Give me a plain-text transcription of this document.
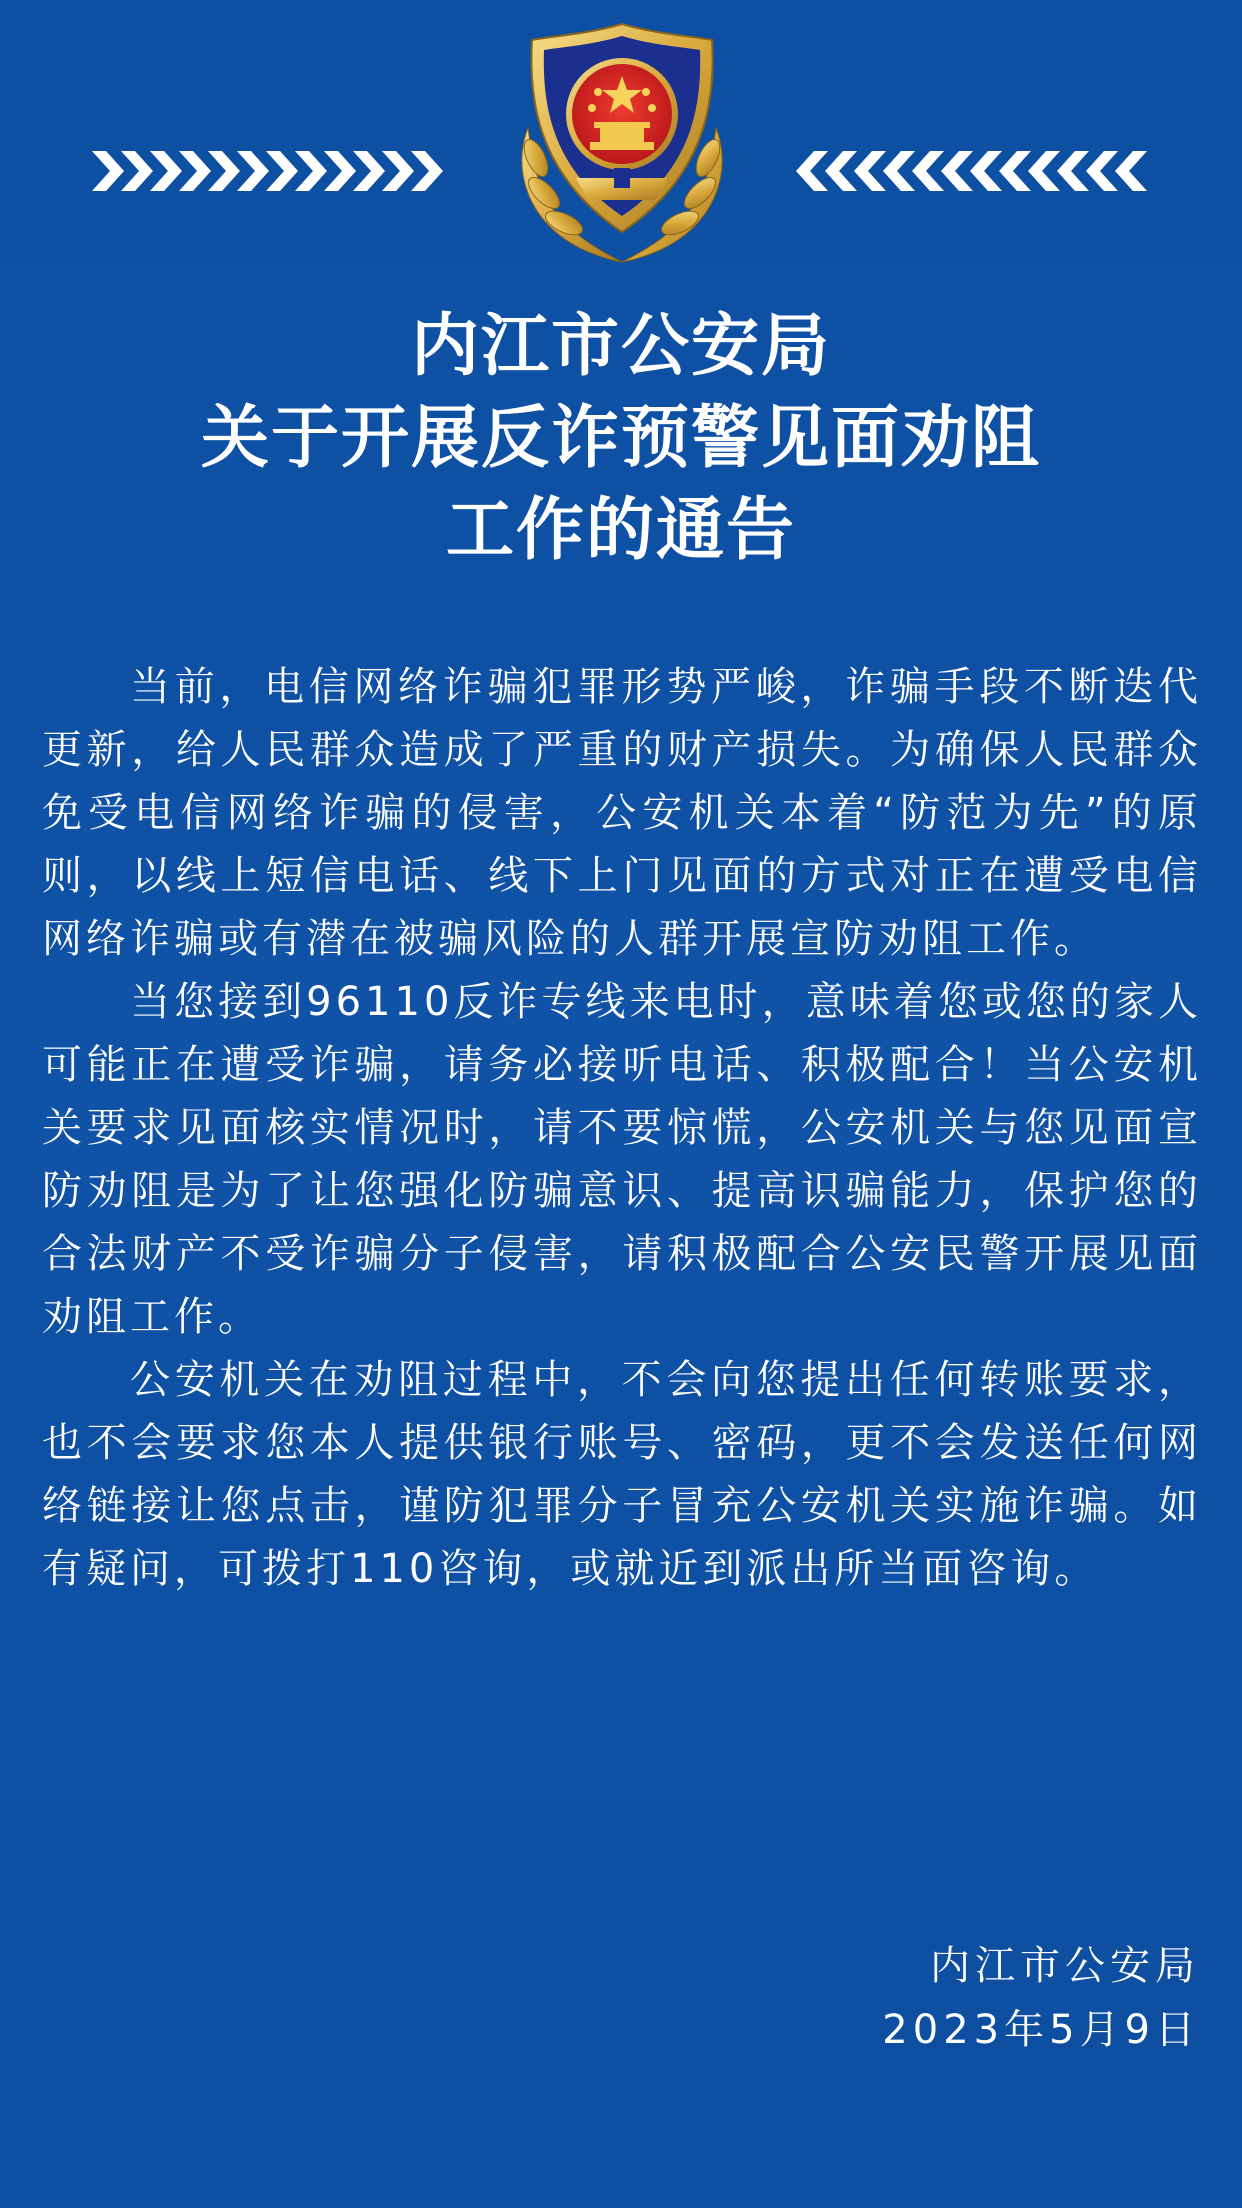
内江市公安局
关于开展反诈预警见面劝阻
工作的通告

当前，电信网络诈骗犯罪形势严峻，诈骗手段不断迭代更新，给人民群众造成了严重的财产损失。为确保人民群众免受电信网络诈骗的侵害，公安机关本着“防范为先”的原则，以线上短信电话、线下上门见面的方式对正在遭受电信网络诈骗或有潜在被骗风险的人群开展宣防劝阻工作。

当您接到96110反诈专线来电时，意味着您或您的家人可能正在遭受诈骗，请务必接听电话、积极配合！当公安机关要求见面核实情况时，请不要惊慌，公安机关与您见面宣防劝阻是为了让您强化防骗意识、提高识骗能力，保护您的合法财产不受诈骗分子侵害，请积极配合公安民警开展见面劝阻工作。

公安机关在劝阻过程中，不会向您提出任何转账要求，也不会要求您本人提供银行账号、密码，更不会发送任何网络链接让您点击，谨防犯罪分子冒充公安机关实施诈骗。如有疑问，可拨打110咨询，或就近到派出所当面咨询。

内江市公安局
2023年5月9日
